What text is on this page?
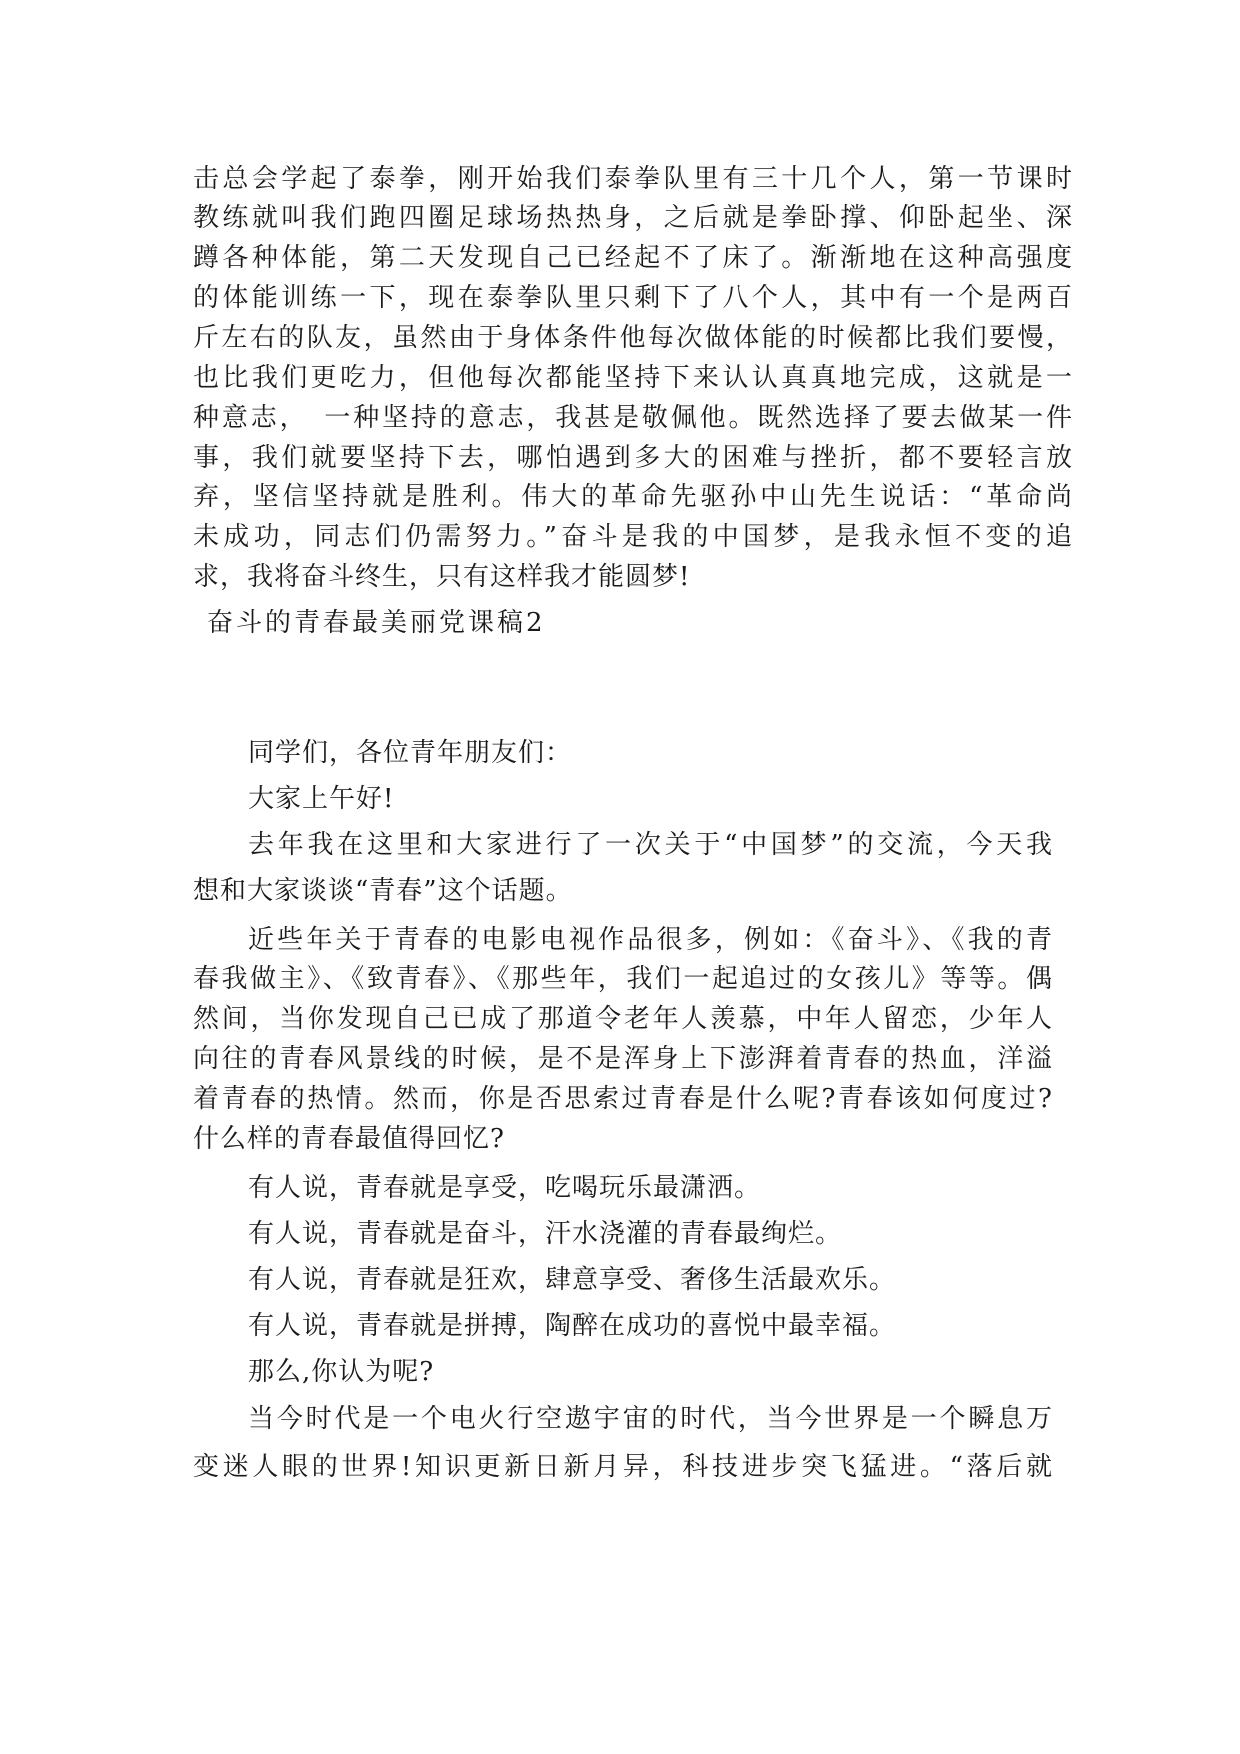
击总会学起了泰拳，刚开始我们泰拳队里有三十几个人，第一节课时
教练就叫我们跑四圈足球场热热身，之后就是拳卧撑、仰卧起坐、深
蹲各种体能，第二天发现自己已经起不了床了。渐渐地在这种高强度
的体能训练一下，现在泰拳队里只剩下了八个人，其中有一个是两百
斤左右的队友，虽然由于身体条件他每次做体能的时候都比我们要慢，
也比我们更吃力，但他每次都能坚持下来认认真真地完成，这就是一
种意志，　一种坚持的意志，我甚是敬佩他。既然选择了要去做某一件
事，我们就要坚持下去，哪怕遇到多大的困难与挫折，都不要轻言放
弃，坚信坚持就是胜利。伟大的革命先驱孙中山先生说话：“革命尚
未成功，同志们仍需努力。”奋斗是我的中国梦，是我永恒不变的追
求，我将奋斗终生，只有这样我才能圆梦!
奋斗的青春最美丽党课稿2
同学们，各位青年朋友们：
大家上午好!
去年我在这里和大家进行了一次关于“中国梦”的交流，今天我
想和大家谈谈“青春”这个话题。
近些年关于青春的电影电视作品很多，例如：《奋斗》、《我的青
春我做主》、《致青春》、《那些年，我们一起追过的女孩儿》等等。偶
然间，当你发现自己已成了那道令老年人羡慕，中年人留恋，少年人
向往的青春风景线的时候，是不是浑身上下澎湃着青春的热血，洋溢
着青春的热情。然而，你是否思索过青春是什么呢?青春该如何度过?
什么样的青春最值得回忆?
有人说，青春就是享受，吃喝玩乐最潇洒。
有人说，青春就是奋斗，汗水浇灌的青春最绚烂。
有人说，青春就是狂欢，肆意享受、奢侈生活最欢乐。
有人说，青春就是拼搏，陶醉在成功的喜悦中最幸福。
那么,你认为呢?
当今时代是一个电火行空遨宇宙的时代，当今世界是一个瞬息万
变迷人眼的世界!知识更新日新月异，科技进步突飞猛进。“落后就
